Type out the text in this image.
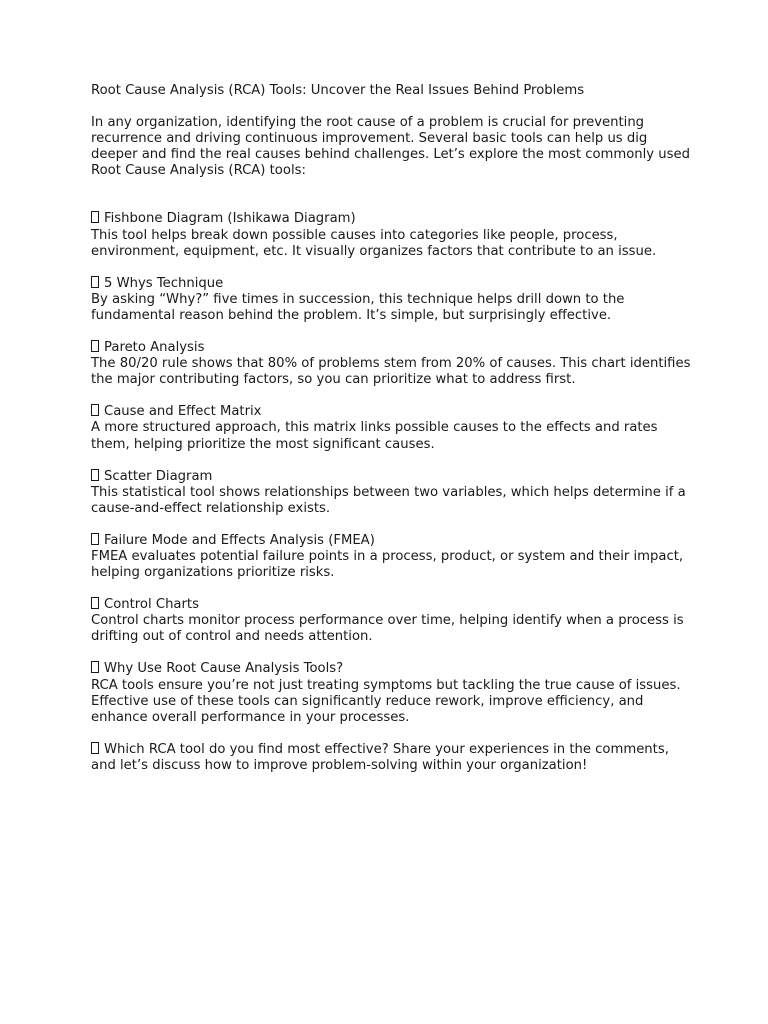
Root Cause Analysis (RCA) Tools: Uncover the Real Issues Behind Problems

In any organization, identifying the root cause of a problem is crucial for preventing recurrence and driving continuous improvement. Several basic tools can help us dig deeper and find the real causes behind challenges. Let’s explore the most commonly used Root Cause Analysis (RCA) tools:

Fishbone Diagram (Ishikawa Diagram)

This tool helps break down possible causes into categories like people, process, environment, equipment, etc. It visually organizes factors that contribute to an issue.

5 Whys Technique

By asking “Why?” five times in succession, this technique helps drill down to the fundamental reason behind the problem. It’s simple, but surprisingly effective.

Pareto Analysis

The 80/20 rule shows that 80% of problems stem from 20% of causes. This chart identifies the major contributing factors, so you can prioritize what to address first.

Cause and Effect Matrix

A more structured approach, this matrix links possible causes to the effects and rates them, helping prioritize the most significant causes.

Scatter Diagram

This statistical tool shows relationships between two variables, which helps determine if a cause-and-effect relationship exists.

Failure Mode and Effects Analysis (FMEA)

FMEA evaluates potential failure points in a process, product, or system and their impact, helping organizations prioritize risks.

Control Charts

Control charts monitor process performance over time, helping identify when a process is drifting out of control and needs attention.

Why Use Root Cause Analysis Tools?

RCA tools ensure you’re not just treating symptoms but tackling the true cause of issues. Effective use of these tools can significantly reduce rework, improve efficiency, and enhance overall performance in your processes.

Which RCA tool do you find most effective? Share your experiences in the comments, and let’s discuss how to improve problem-solving within your organization!
